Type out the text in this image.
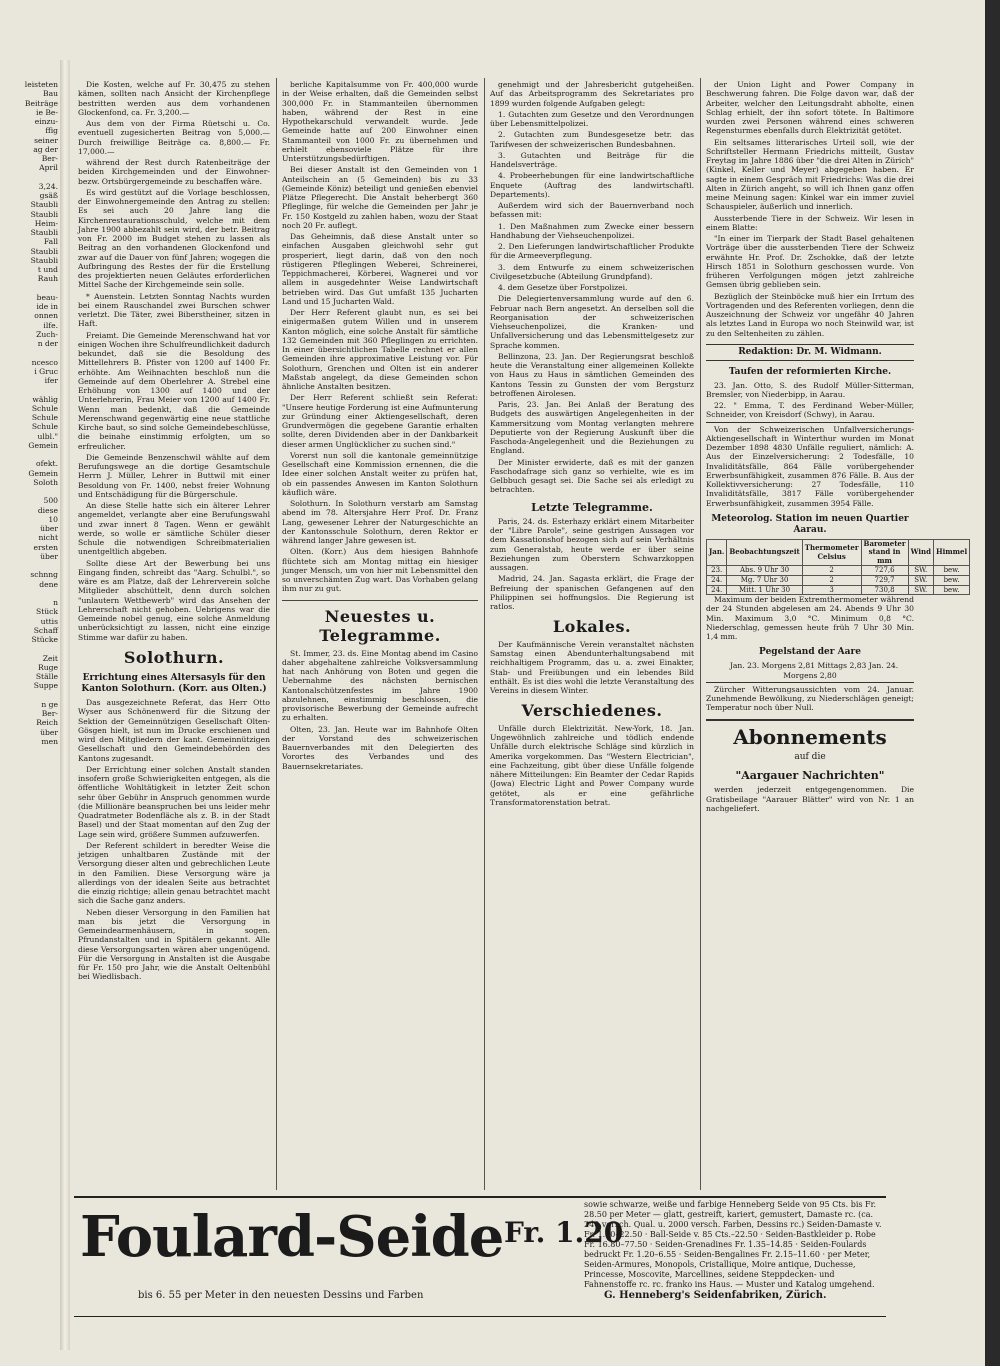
leisteten
Bau
Beiträge
ie Be-
einzu-
ffig
seiner
ag der
Ber-
April

3,24.
gsäß
Staubli
Staubli
Heim-
Staubli
Fall
Staubli
Staubli
t und
Rauh

beau-
ide in
onnen
ilfe.
Zuch-
n der

ncesco
i Gruc
ifer

wählig
Schule
Schule
Schule
ulbl."
Gemein

ofekt.
Gemein
Soloth

500
diese
10
über
nicht
ersten
über

schnng
dene

n
Stück
uttis
Schaff
Stücke

Zeit
Ruge
Ställe
Suppe

n ge
Ber-
Reich
über
men

Die Kosten, welche auf Fr. 30,475 zu stehen kämen, sollten nach Ansicht der Kirchenpflege bestritten werden aus dem vorhandenen Glockenfond, ca. Fr. 3,200.—

Aus dem von der Firma Rüetschi u. Co. eventuell zugesicherten Beitrag von 5,000.— Durch freiwillige Beiträge ca. 8,800.— Fr. 17,000.—

während der Rest durch Ratenbeiträge der beiden Kirchgemeinden und der Einwohner- bezw. Ortsbürgergemeinde zu beschaffen wäre.

Es wird gestützt auf die Vorlage beschlossen, der Einwohnergemeinde den Antrag zu stellen: Es sei auch 20 Jahre lang die Kirchenrestaurationsschuld, welche mit dem Jahre 1900 abbezahlt sein wird, der betr. Beitrag von Fr. 2000 im Budget stehen zu lassen als Beitrag an den vorhandenen Glockenfond und zwar auf die Dauer von fünf Jahren; wogegen die Aufbringung des Restes der für die Erstellung des projektierten neuen Geläutes erforderlichen Mittel Sache der Kirchgemeinde sein solle.

* Auenstein. Letzten Sonntag Nachts wurden bei einem Rauschandel zwei Burschen schwer verletzt. Die Täter, zwei Biberstheiner, sitzen in Haft.

Freiamt. Die Gemeinde Merenschwand hat vor einigen Wochen ihre Schulfreundlichkeit dadurch bekundet, daß sie die Besoldung des Mittellehrers B. Pfister von 1200 auf 1400 Fr. erhöhte. Am Weihnachten beschloß nun die Gemeinde auf dem Oberlehrer A. Strebel eine Erhöhung von 1300 auf 1400 und der Unterlehrerin, Frau Meier von 1200 auf 1400 Fr. Wenn man bedenkt, daß die Gemeinde Merenschwand gegenwärtig eine neue stattliche Kirche baut, so sind solche Gemeindebeschlüsse, die beinahe einstimmig erfolgten, um so erfreulicher.

Die Gemeinde Benzenschwil wählte auf dem Berufungswege an die dortige Gesamtschule Herrn J. Müller, Lehrer in Buttwil mit einer Besoldung von Fr. 1400, nebst freier Wohnung und Entschädigung für die Bürgerschule.

An diese Stelle hatte sich ein älterer Lehrer angemeldet, verlangte aber eine Berufungswahl und zwar innert 8 Tagen. Wenn er gewählt werde, so wolle er sämtliche Schüler dieser Schule die notwendigen Schreibmaterialien unentgeltlich abgeben.

Sollte diese Art der Bewerbung bei uns Eingang finden, schreibt das "Aarg. Schulbl.", so wäre es am Platze, daß der Lehrerverein solche Mitglieder abschüttelt, denn durch solchen "unlautern Wettbewerb" wird das Ansehen der Lehrerschaft nicht gehoben. Uebrigens war die Gemeinde nobel genug, eine solche Anmeldung unberücksichtigt zu lassen, nicht eine einzige Stimme war dafür zu haben.

Solothurn.
Errichtung eines Altersasyls für den Kanton Solothurn. (Korr. aus Olten.)

Das ausgezeichnete Referat, das Herr Otto Wyser aus Schönenwerd für die Sitzung der Sektion der Gemeinnützigen Gesellschaft Olten-Gösgen hielt, ist nun im Drucke erschienen und wird den Mitgliedern der kant. Gemeinnützigen Gesellschaft und den Gemeindebehörden des Kantons zugesandt.

Der Errichtung einer solchen Anstalt standen insofern große Schwierigkeiten entgegen, als die öffentliche Wohltätigkeit in letzter Zeit schon sehr über Gebühr in Anspruch genommen wurde (die Millionäre beanspruchen bei uns leider mehr Quadratmeter Bodenfläche als z. B. in der Stadt Basel) und der Staat momentan auf den Zug der Lage sein wird, größere Summen aufzuwerfen.

Der Referent schildert in beredter Weise die jetzigen unhaltbaren Zustände mit der Versorgung dieser alten und gebrechlichen Leute in den Familien. Diese Versorgung wäre ja allerdings von der idealen Seite aus betrachtet die einzig richtige; allein genau betrachtet macht sich die Sache ganz anders.

Neben dieser Versorgung in den Familien hat man bis jetzt die Versorgung in Gemeindearmenhäusern, in sogen. Pfrundanstalten und in Spitälern gekannt. Alle diese Versorgungsarten wären aber ungenügend. Für die Versorgung in Anstalten ist die Ausgabe für Fr. 150 pro Jahr, wie die Anstalt Oeltenbühl bei Wiedlisbach.

berliche Kapitalsumme von Fr. 400,000 wurde in der Weise erhalten, daß die Gemeinden selbst 300,000 Fr. in Stammanteilen übernommen haben, während der Rest in eine Hypothekarschuld verwandelt wurde. Jede Gemeinde hatte auf 200 Einwohner einen Stammanteil von 1000 Fr. zu übernehmen und erhielt ebensoviele Plätze für ihre Unterstützungsbedürftigen.

Bei dieser Anstalt ist den Gemeinden von 1 Anteilschein an (5 Gemeinden) bis zu 33 (Gemeinde Köniz) beteiligt und genießen ebenviel Plätze Pflegerecht. Die Anstalt beherbergt 360 Pfleglinge, für welche die Gemeinden per Jahr je Fr. 150 Kostgeld zu zahlen haben, wozu der Staat noch 20 Fr. auflegt.

Das Geheimnis, daß diese Anstalt unter so einfachen Ausgaben gleichwohl sehr gut prosperiert, liegt darin, daß von den noch rüstigeren Pfleglingen Weberei, Schreinerei, Teppichmacherei, Körberei, Wagnerei und vor allem in ausgedehnter Weise Landwirtschaft betrieben wird. Das Gut umfaßt 135 Jucharten Land und 15 Jucharten Wald.

Der Herr Referent glaubt nun, es sei bei einigermaßen gutem Willen und in unserem Kanton möglich, eine solche Anstalt für sämtliche 132 Gemeinden mit 360 Pfleglingen zu errichten. In einer übersichtlichen Tabelle rechnet er allen Gemeinden ihre approximative Leistung vor. Für Solothurn, Grenchen und Olten ist ein anderer Maßstab angelegt, da diese Gemeinden schon ähnliche Anstalten besitzen.

Der Herr Referent schließt sein Referat: "Unsere heutige Forderung ist eine Aufmunterung zur Gründung einer Aktiengesellschaft, deren Grundvermögen die gegebene Garantie erhalten sollte, deren Dividenden aber in der Dankbarkeit dieser armen Unglücklicher zu suchen sind."

Vorerst nun soll die kantonale gemeinnützige Gesellschaft eine Kommission ernennen, die die Idee einer solchen Anstalt weiter zu prüfen hat, ob ein passendes Anwesen im Kanton Solothurn käuflich wäre.

Solothurn. In Solothurn verstarb am Samstag abend im 78. Altersjahre Herr Prof. Dr. Franz Lang, gewesener Lehrer der Naturgeschichte an der Kantonsschule Solothurn, deren Rektor er während langer Jahre gewesen ist.

Olten. (Korr.) Aus dem hiesigen Bahnhofe flüchtete sich am Montag mittag ein hiesiger junger Mensch, um von hier mit Lebensmittel den so unverschämten Zug wart. Das Vorhaben gelang ihm nur zu gut.

Neuestes u. Telegramme.

St. Immer, 23. ds. Eine Montag abend im Casino daher abgehaltene zahlreiche Volksversammlung hat nach Anhörung von Boten und gegen die Uebernahme des nächsten bernischen Kantonalschützenfestes im Jahre 1900 abzulehnen, einstimmig beschlossen, die provisorische Bewerbung der Gemeinde aufrecht zu erhalten.

Olten, 23. Jan. Heute war im Bahnhofe Olten der Vorstand des schweizerischen Bauernverbandes mit den Delegierten des Vorortes des Verbandes und des Bauernsekretariates.

genehmigt und der Jahresbericht gutgeheißen. Auf das Arbeitsprogramm des Sekretariates pro 1899 wurden folgende Aufgaben gelegt:

1. Gutachten zum Gesetze und den Verordnungen über Lebensmittelpolizei.

2. Gutachten zum Bundesgesetze betr. das Tarifwesen der schweizerischen Bundesbahnen.

3. Gutachten und Beiträge für die Handelsverträge.

4. Probeerhebungen für eine landwirtschaftliche Enquete (Auftrag des landwirtschaftl. Departements).

Außerdem wird sich der Bauernverband noch befassen mit:

1. Den Maßnahmen zum Zwecke einer bessern Handhabung der Viehseuchenpolizei.

2. Den Lieferungen landwirtschaftlicher Produkte für die Armeeverpflegung.

3. dem Entwurfe zu einem schweizerischen Civilgesetzbuche (Abteilung Grundpfand).

4. dem Gesetze über Forstpolizei.

Die Delegiertenversammlung wurde auf den 6. Februar nach Bern angesetzt. An derselben soll die Reorganisation der schweizerischen Viehseuchenpolizei, die Kranken- und Unfallversicherung und das Lebensmittelgesetz zur Sprache kommen.

Bellinzona, 23. Jan. Der Regierungsrat beschloß heute die Veranstaltung einer allgemeinen Kollekte von Haus zu Haus in sämtlichen Gemeinden des Kantons Tessin zu Gunsten der vom Bergsturz betroffenen Airolesen.

Paris, 23. Jan. Bei Anlaß der Beratung des Budgets des auswärtigen Angelegenheiten in der Kammersitzung vom Montag verlangten mehrere Deputierte von der Regierung Auskunft über die Faschoda-Angelegenheit und die Beziehungen zu England.

Der Minister erwiderte, daß es mit der ganzen Faschodafrage sich ganz so verhielte, wie es im Gelbbuch gesagt sei. Die Sache sei als erledigt zu betrachten.

Letzte Telegramme.

Paris, 24. ds. Esterhazy erklärt einem Mitarbeiter der "Libre Parole", seine gestrigen Aussagen vor dem Kassationshof bezogen sich auf sein Verhältnis zum Generalstab, heute werde er über seine Beziehungen zum Oberstern Schwarzkoppen aussagen.

Madrid, 24. Jan. Sagasta erklärt, die Frage der Befreiung der spanischen Gefangenen auf den Philippinen sei hoffnungslos. Die Regierung ist ratlos.

Lokales.

Der Kaufmännische Verein veranstaltet nächsten Samstag einen Abendunterhaltungsabend mit reichhaltigem Programm, das u. a. zwei Einakter, Stab- und Freiübungen und ein lebendes Bild enthält. Es ist dies wohl die letzte Veranstaltung des Vereins in diesem Winter.

Verschiedenes.

Unfälle durch Elektrizität. New-York, 18. Jan. Ungewöhnlich zahlreiche und tödlich endende Unfälle durch elektrische Schläge sind kürzlich in Amerika vorgekommen. Das "Western Electrician", eine Fachzeitung, gibt über diese Unfälle folgende nähere Mitteilungen: Ein Beamter der Cedar Rapids (Jowa) Electric Light and Power Company wurde getötet, als er eine gefährliche Transformatorenstation betrat.

der Union Light and Power Company in Beschwerung fahren. Die Folge davon war, daß der Arbeiter, welcher den Leitungsdraht abholte, einen Schlag erhielt, der ihn sofort tötete. In Baltimore wurden zwei Personen während eines schweren Regensturmes ebenfalls durch Elektrizität getötet.

Ein seltsames litterarisches Urteil soll, wie der Schriftsteller Hermann Friedrichs mitteilt, Gustav Freytag im Jahre 1886 über "die drei Alten in Zürich" (Kinkel, Keller und Meyer) abgegeben haben. Er sagte in einem Gespräch mit Friedrichs: Was die drei Alten in Zürich angeht, so will ich Ihnen ganz offen meine Meinung sagen: Kinkel war ein immer zuviel Schauspieler, äußerlich und innerlich.

Aussterbende Tiere in der Schweiz. Wir lesen in einem Blatte:

"In einer im Tierpark der Stadt Basel gehaltenen Vorträge über die aussterbenden Tiere der Schweiz erwähnte Hr. Prof. Dr. Zschokke, daß der letzte Hirsch 1851 in Solothurn geschossen wurde. Von früheren Verfolgungen mögen jetzt zahlreiche Gemsen übrig geblieben sein.

Bezüglich der Steinböcke muß hier ein Irrtum des Vortragenden und des Referenten vorliegen, denn die Auszeichnung der Schweiz vor ungefähr 40 Jahren als letztes Land in Europa wo noch Steinwild war, ist zu den Seltenheiten zu zählen.

Redaktion: Dr. M. Widmann.
Taufen der reformierten Kirche.

23. Jan. Otto, S. des Rudolf Müller-Sitterman, Bremsler, von Niederbipp, in Aarau.

22. " Emma, T. des Ferdinand Weber-Müller, Schneider, von Kreisdorf (Schwy), in Aarau.

Von der Schweizerischen Unfallversicherungs-Aktiengesellschaft in Winterthur wurden im Monat Dezember 1898 4830 Unfälle reguliert, nämlich: A. Aus der Einzelversicherung: 2 Todesfälle, 10 Invaliditätsfälle, 864 Fälle vorübergehender Erwerbsunfähigkeit, zusammen 876 Fälle. B. Aus der Kollektivversicherung: 27 Todesfälle, 110 Invaliditätsfälle, 3817 Fälle vorübergehender Erwerbsunfähigkeit, zusammen 3954 Fälle.

Meteorolog. Station im neuen Quartier Aarau.
Jan.	Beobachtungszeit	Thermometer Celsius	Barometer stand in mm	Wind	Himmel
23.	Abs. 9 Uhr 30	2	727,6	SW.	bew.
24.	Mg. 7 Uhr 30	2	729,7	SW.	bew.
24.	Mitt. 1 Uhr 30	3	730,8	SW.	bew.

Maximum der beiden Extremthermometer während der 24 Stunden abgelesen am 24. Abends 9 Uhr 30 Min. Maximum 3,0 °C. Minimum 0,8 °C. Niederschlag, gemessen heute früh 7 Uhr 30 Min. 1,4 mm.

Pegelstand der Aare

Jan. 23. Morgens 2,81 Mittags 2,83 Jan. 24. Morgens 2,80

Zürcher Witterungsaussichten vom 24. Januar. Zunehmende Bewölkung, zu Niederschlägen geneigt; Temperatur noch über Null.

Abonnements
auf die
"Aargauer Nachrichten"

werden jederzeit entgegengenommen. Die Gratisbeilage "Aarauer Blätter" wird von Nr. 1 an nachgeliefert.

Foulard-Seide Fr. 1.20
bis 6. 55 per Meter in den neuesten Dessins und Farben
sowie schwarze, weiße und farbige Henneberg Seide von 95 Cts. bis Fr. 28.50 per Meter — glatt, gestreift, kariert, gemustert, Damaste rc. (ca. 240 versch. Qual. u. 2000 versch. Farben, Dessins rc.) Seiden-Damaste v. Fr. 1.40–22.50 · Ball-Seide v. 85 Cts.–22.50 · Seiden-Bastkleider p. Robe Fr. 16.80–77.50 · Seiden-Grenadines Fr. 1.35–14.85 · Seiden-Foulards bedruckt Fr. 1.20–6.55 · Seiden-Bengalines Fr. 2.15–11.60 · per Meter, Seiden-Armures, Monopols, Cristallique, Moire antique, Duchesse, Princesse, Moscovite, Marcellines, seidene Steppdecken- und Fahnenstoffe rc. rc. franko ins Haus. — Muster und Katalog umgehend.
G. Henneberg's Seidenfabriken, Zürich.
